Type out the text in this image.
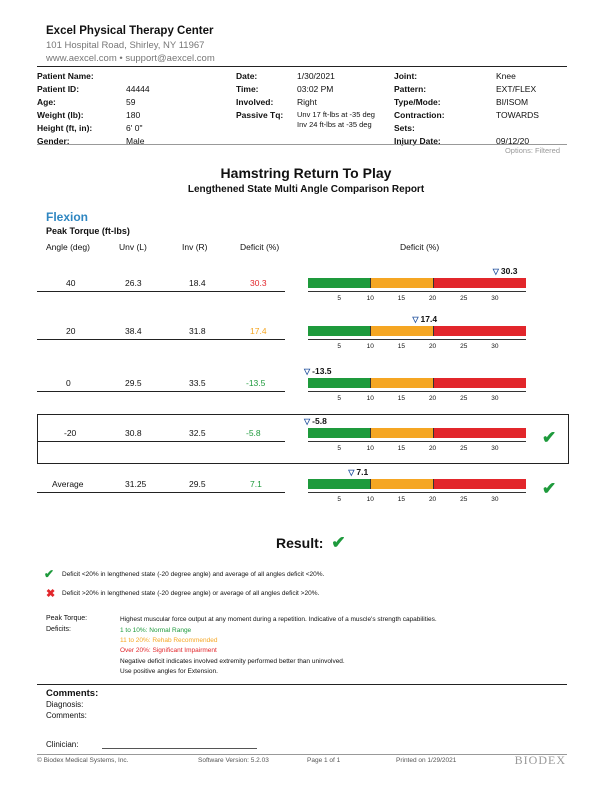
Excel Physical Therapy Center
101 Hospital Road, Shirley, NY 11967
www.aexcel.com • support@aexcel.com
Patient Name:
Patient ID:	44444
Age:	59
Weight (lb):	180
Height (ft, in):	6' 0"
Gender:	Male
Date:	1/30/2021
Time:	03:02 PM
Involved:	Right
Passive Tq: Unv 17 ft-lbs at -35 deg
Inv 24 ft-lbs at -35 deg
Joint:	Knee
Pattern:	EXT/FLEX
Type/Mode:	BI/ISOM
Contraction:	TOWARDS
Sets:
Injury Date:	09/12/20
Options: Filtered
Hamstring Return To Play
Lengthened State Multi Angle Comparison Report
Flexion
Peak Torque (ft-lbs)
Angle (deg)	Unv (L)	Inv (R)	Deficit (%)	Deficit (%)
40	26.3	18.4	30.3
5	10	15	20	25	30
▽ 30.3
20	38.4	31.8	17.4
5	10	15	20	25	30
▽ 17.4
0	29.5	33.5	-13.5
5	10	15	20	25	30
▽ -13.5
-20	30.8	32.5	-5.8
5	10	15	20	25	30
▽ -5.8
Average	31.25	29.5	7.1
5	10	15	20	25	30
▽ 7.1
✔
✔
Result: ✔
✔ Deficit <20% in lengthened state (-20 degree angle) and average of all angles deficit <20%.
✖ Deficit >20% in lengthened state (-20 degree angle) or average of all angles deficit >20%.
Peak Torque:	Highest muscular force output at any moment during a repetition. Indicative of a muscle's strength capabilities.
Deficits:	1 to 10%: Normal Range
11 to 20%: Rehab Recommended
Over 20%: Significant Impairment
Negative deficit indicates involved extremity performed better than uninvolved.
Use positive angles for Extension.
Comments:
Diagnosis:
Comments:
Clinician:
© Biodex Medical Systems, Inc.	Software Version: 5.2.03	Page 1 of 1	Printed on 1/29/2021	BIODEX
